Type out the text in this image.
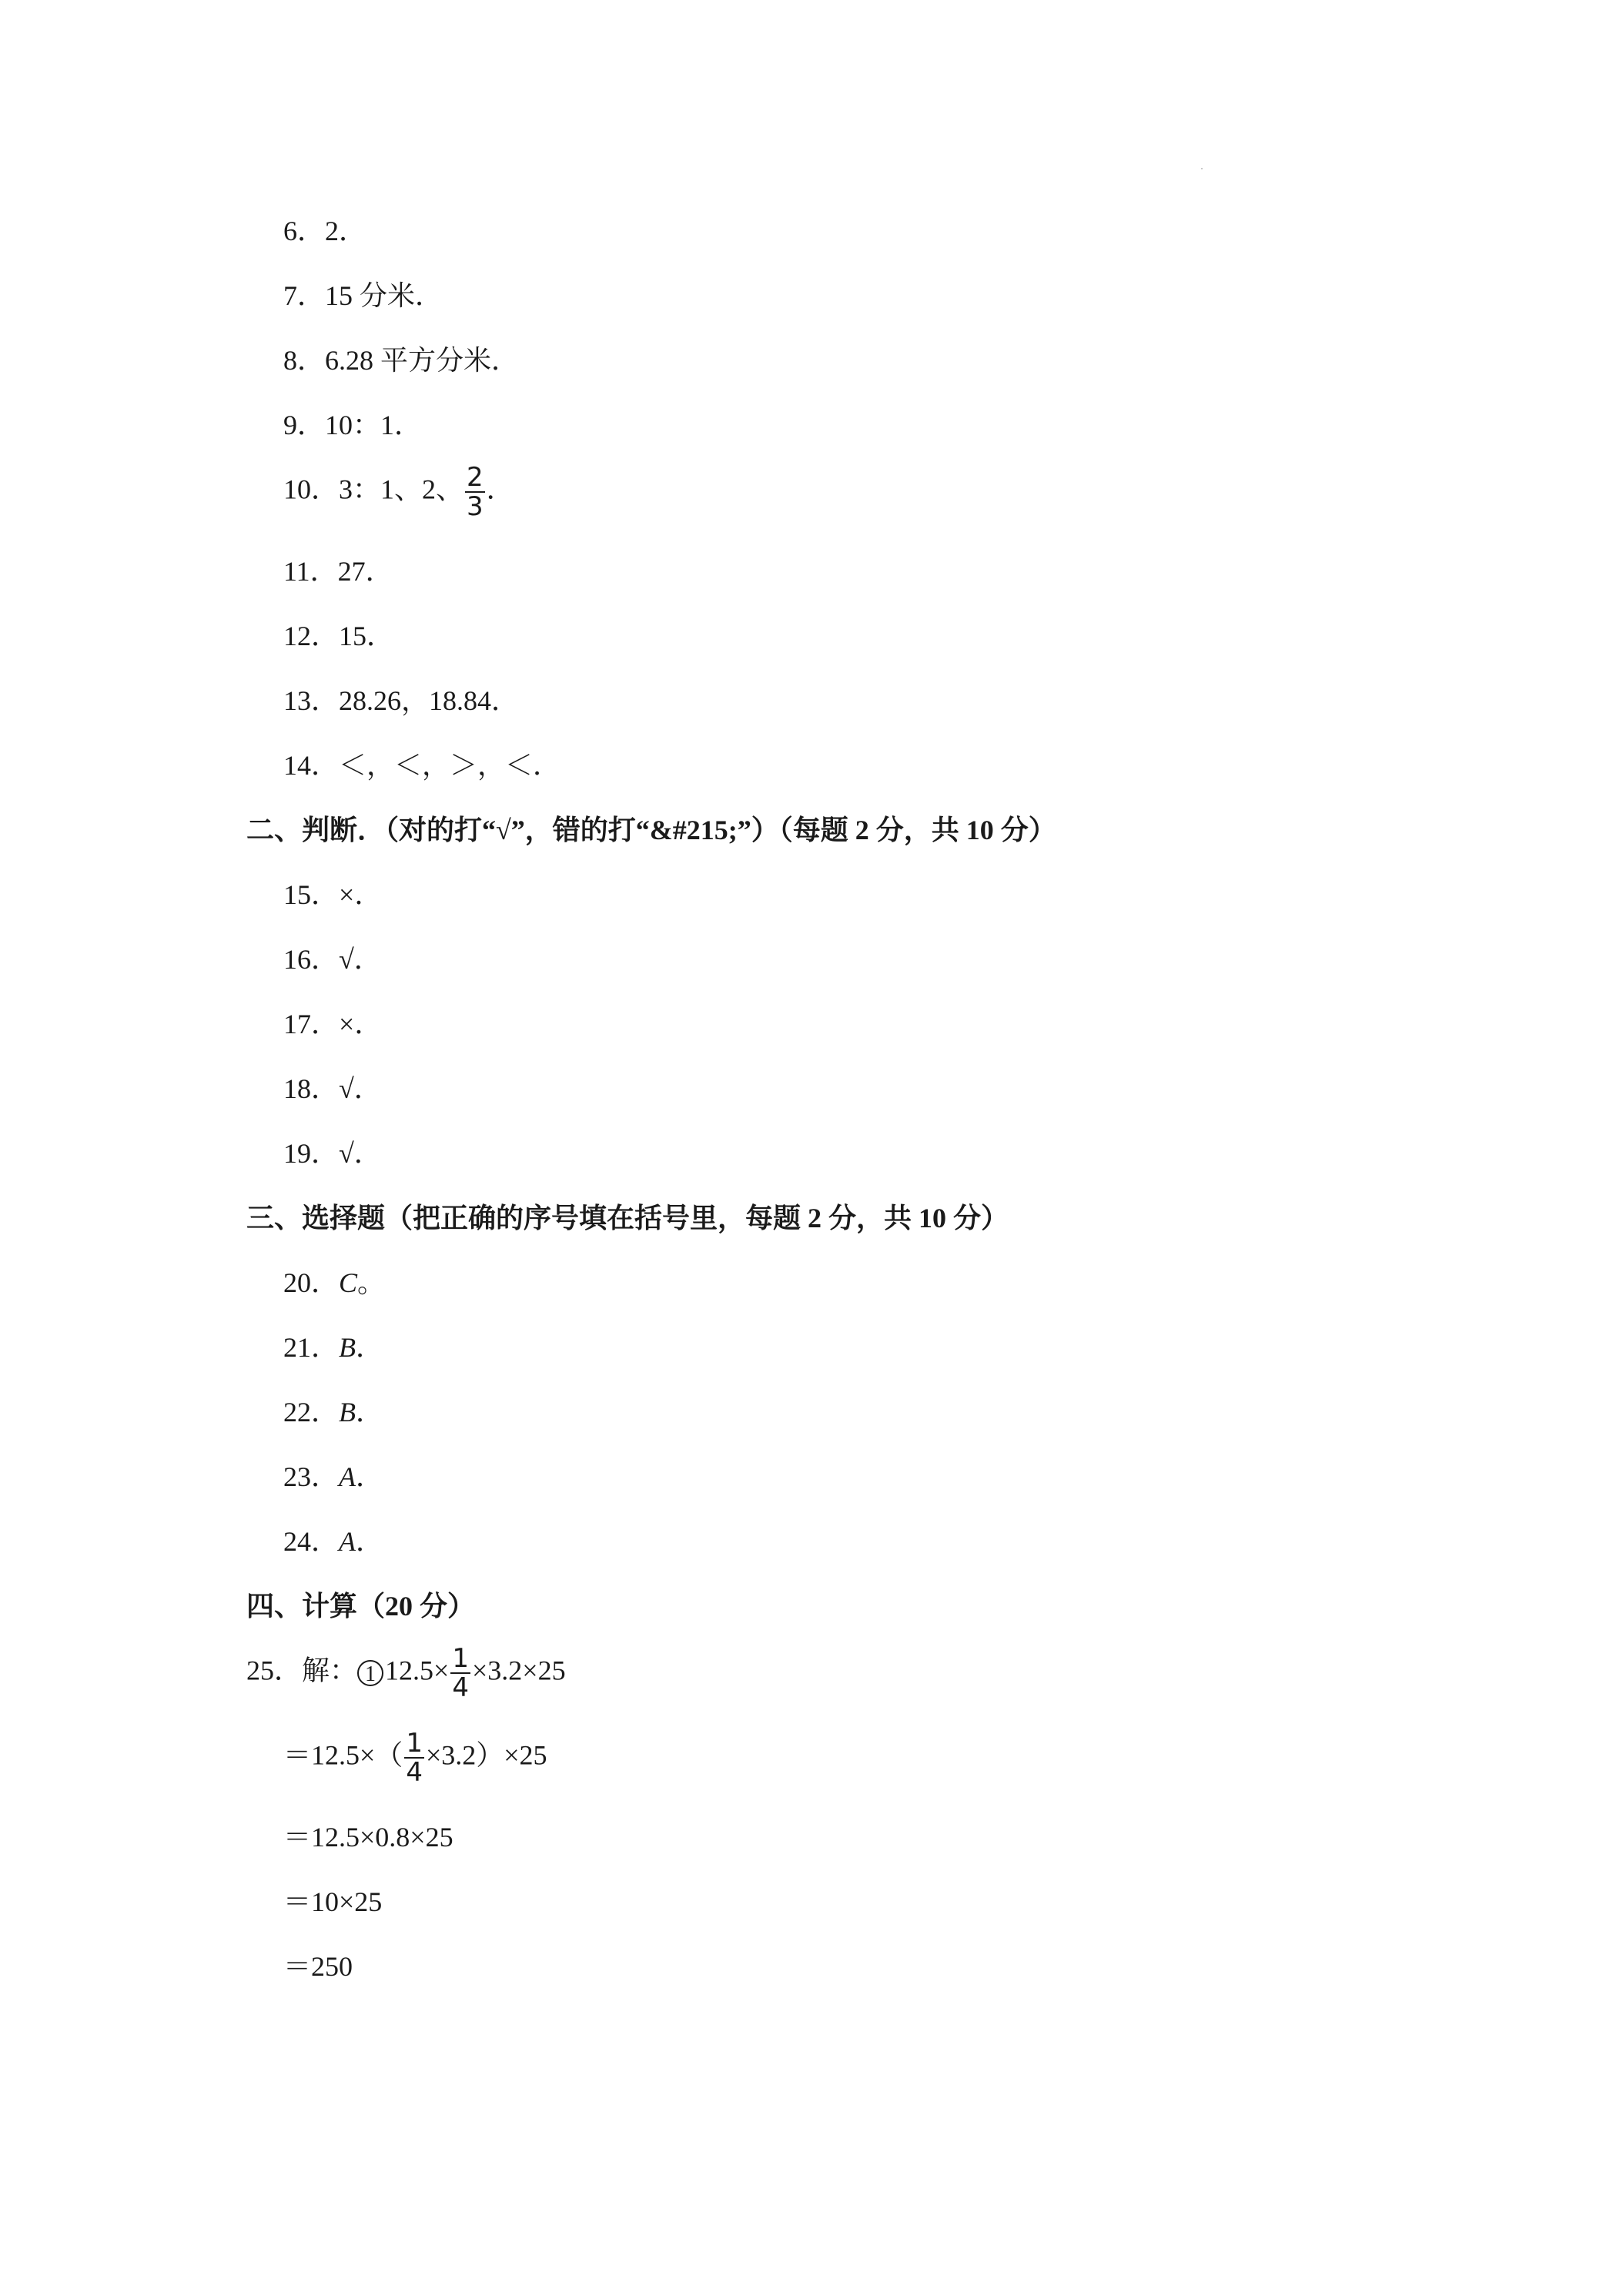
6．2．
7．15 分米．
8．6.28 平方分米．
9．10：1．
10．3：1、2、 $\frac{2}{3}$ ．
11．27．
12．15．
13．28.26，18.84．
14．＜，＜，＞，＜．
二、判断．（对的打“√”，错的打“&#215;”）（每题 2 分，共 10 分）
15．×．
16．√．
17．×．
18．√．
19．√．
三、选择题（把正确的序号填在括号里，每题 2 分，共 10 分）
20．C。
21．B．
22．B．
23．A．
24．A．
四、计算（20 分）
25．解： 1 $12.5\times \frac{1}{4} \times 3.2\times 25$
$=12.5\times( \frac{1}{4} \times 3.2)\times 25$
＝12.5×0.8×25
＝10×25
＝250
